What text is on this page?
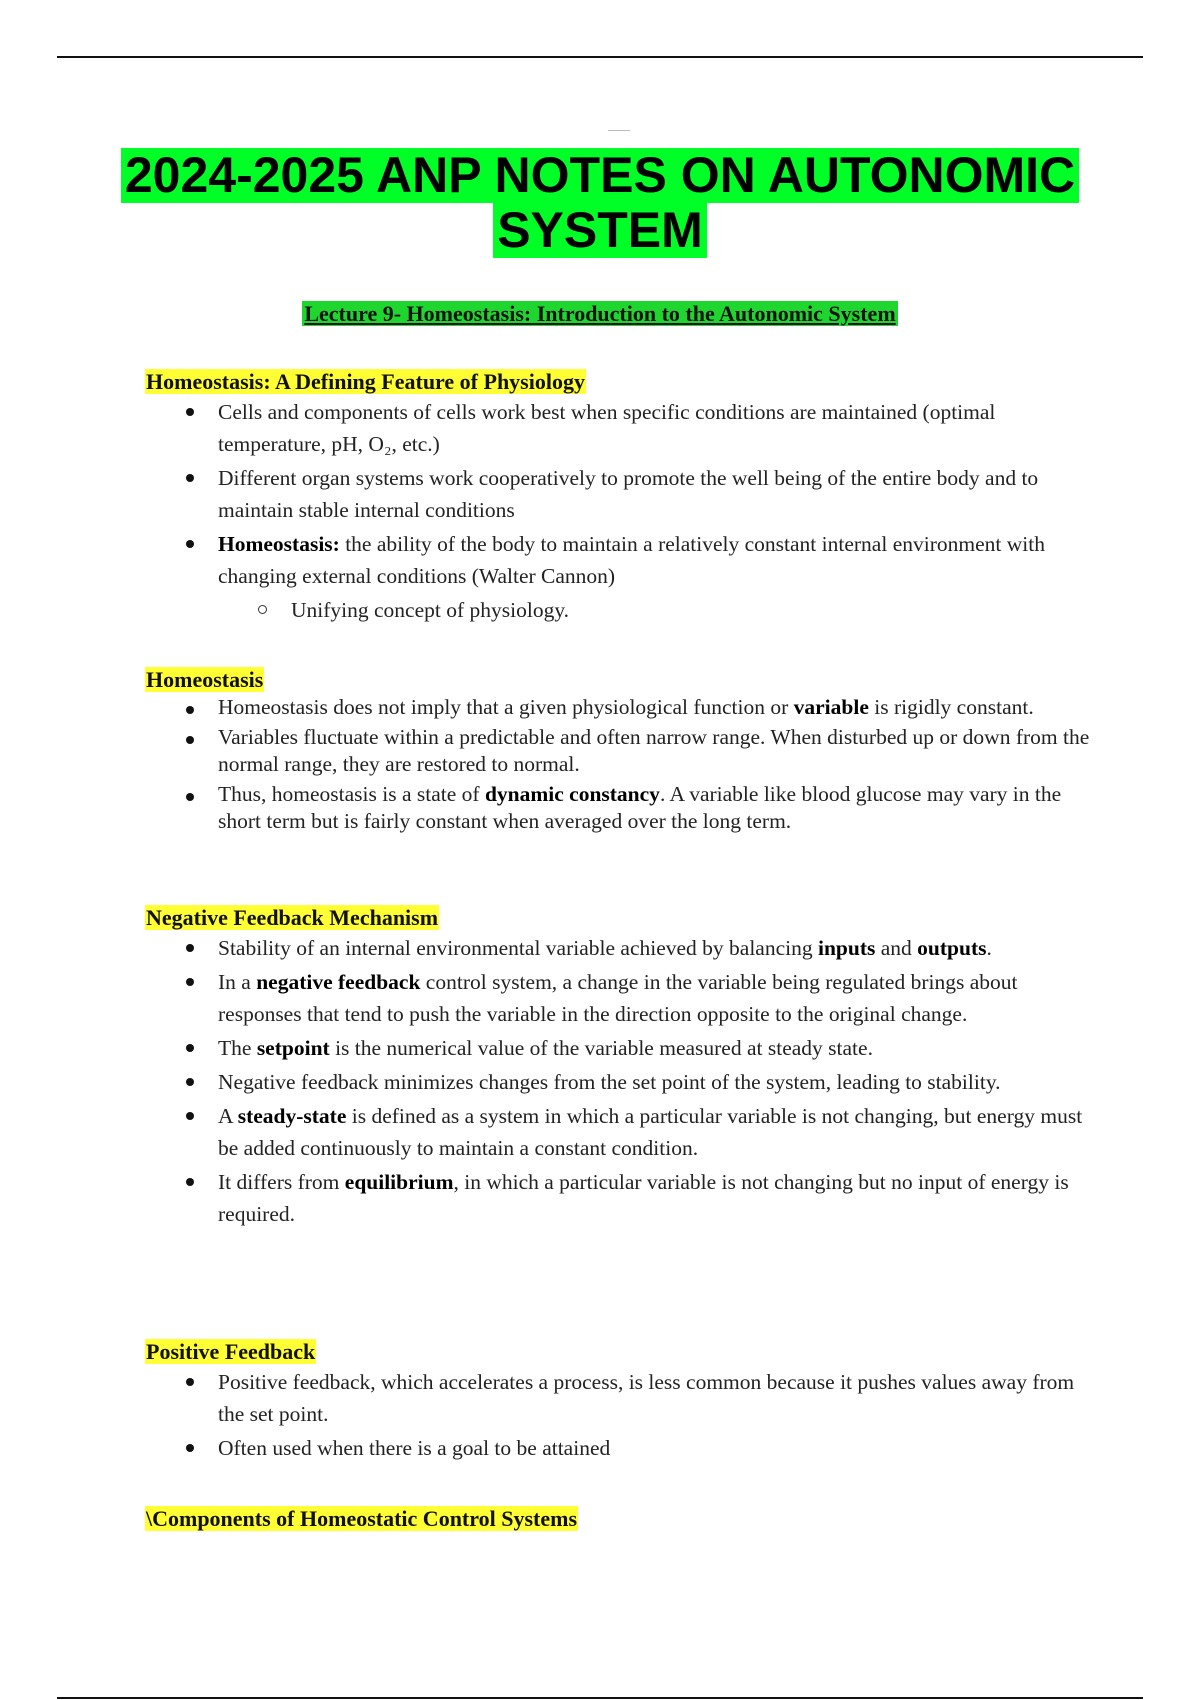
2024-2025 ANP NOTES ON AUTONOMIC
SYSTEM
Lecture 9- Homeostasis: Introduction to the Autonomic System
Homeostasis: A Defining Feature of Physiology
Cells and components of cells work best when specific conditions are maintained (optimal temperature, pH, O₂, etc.)
Different organ systems work cooperatively to promote the well being of the entire body and to maintain stable internal conditions
Homeostasis: the ability of the body to maintain a relatively constant internal environment with changing external conditions (Walter Cannon)
Unifying concept of physiology.
Homeostasis
Homeostasis does not imply that a given physiological function or variable is rigidly constant.
Variables fluctuate within a predictable and often narrow range. When disturbed up or down from the normal range, they are restored to normal.
Thus, homeostasis is a state of dynamic constancy. A variable like blood glucose may vary in the short term but is fairly constant when averaged over the long term.
Negative Feedback Mechanism
Stability of an internal environmental variable achieved by balancing inputs and outputs.
In a negative feedback control system, a change in the variable being regulated brings about responses that tend to push the variable in the direction opposite to the original change.
The setpoint is the numerical value of the variable measured at steady state.
Negative feedback minimizes changes from the set point of the system, leading to stability.
A steady-state is defined as a system in which a particular variable is not changing, but energy must be added continuously to maintain a constant condition.
It differs from equilibrium, in which a particular variable is not changing but no input of energy is required.
Positive Feedback
Positive feedback, which accelerates a process, is less common because it pushes values away from the set point.
Often used when there is a goal to be attained
\Components of Homeostatic Control Systems
